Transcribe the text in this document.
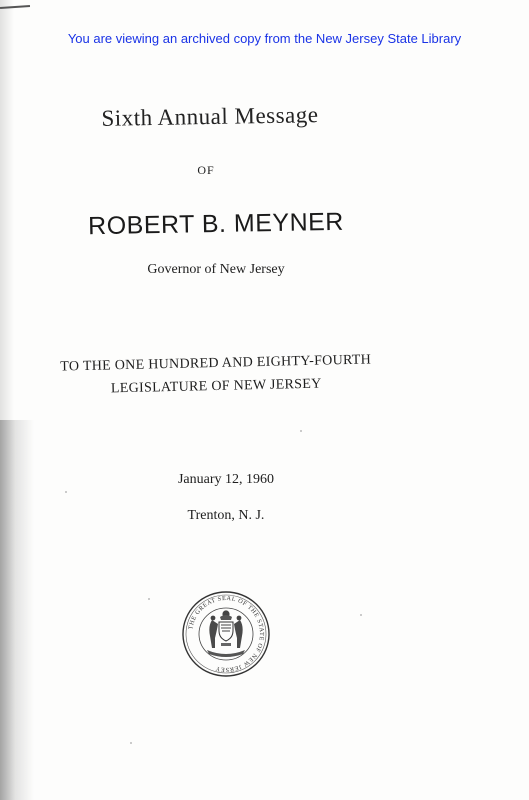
You are viewing an archived copy from the New Jersey State Library
Sixth Annual Message
OF
ROBERT B. MEYNER
Governor of New Jersey
TO THE ONE HUNDRED AND EIGHTY-FOURTH
LEGISLATURE OF NEW JERSEY
January 12, 1960
Trenton, N. J.
THE GREAT SEAL OF THE STATE OF NEW JERSEY
